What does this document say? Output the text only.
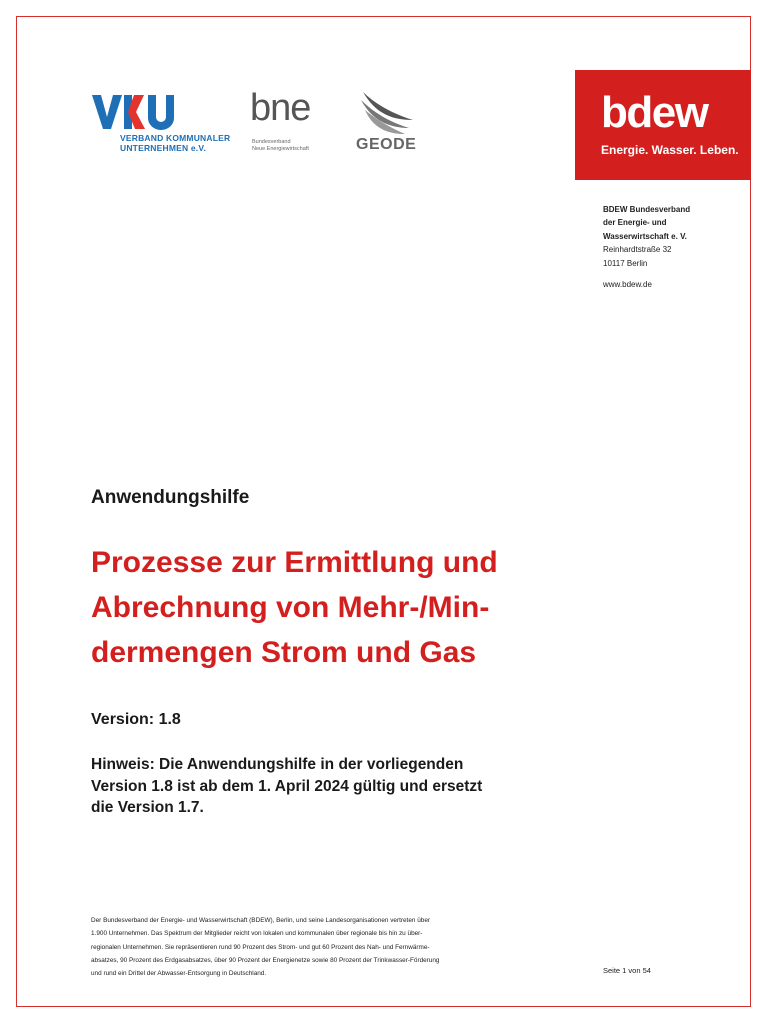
VERBAND KOMMUNALER
UNTERNEHMEN e.V.
bne
Bundesverband
Neue Energiewirtschaft	GEODE
bdew
Energie. Wasser. Leben.
BDEW Bundesverband
der Energie- und
Wasserwirtschaft e. V.
Reinhardtstraße 32
10117 Berlin
www.bdew.de
Anwendungshilfe
Prozesse zur Ermittlung und
Abrechnung von Mehr-/Min-
dermengen Strom und Gas
Version: 1.8
Hinweis: Die Anwendungshilfe in der vorliegenden
Version 1.8 ist ab dem 1. April 2024 gültig und ersetzt
die Version 1.7.
Der Bundesverband der Energie- und Wasserwirtschaft (BDEW), Berlin, und seine Landesorganisationen vertreten über
1.900 Unternehmen. Das Spektrum der Mitglieder reicht von lokalen und kommunalen über regionale bis hin zu über-
regionalen Unternehmen. Sie repräsentieren rund 90 Prozent des Strom- und gut 60 Prozent des Nah- und Fernwärme-
absatzes, 90 Prozent des Erdgasabsatzes, über 90 Prozent der Energienetze sowie 80 Prozent der Trinkwasser-Förderung
und rund ein Drittel der Abwasser-Entsorgung in Deutschland.	Seite 1 von 54
